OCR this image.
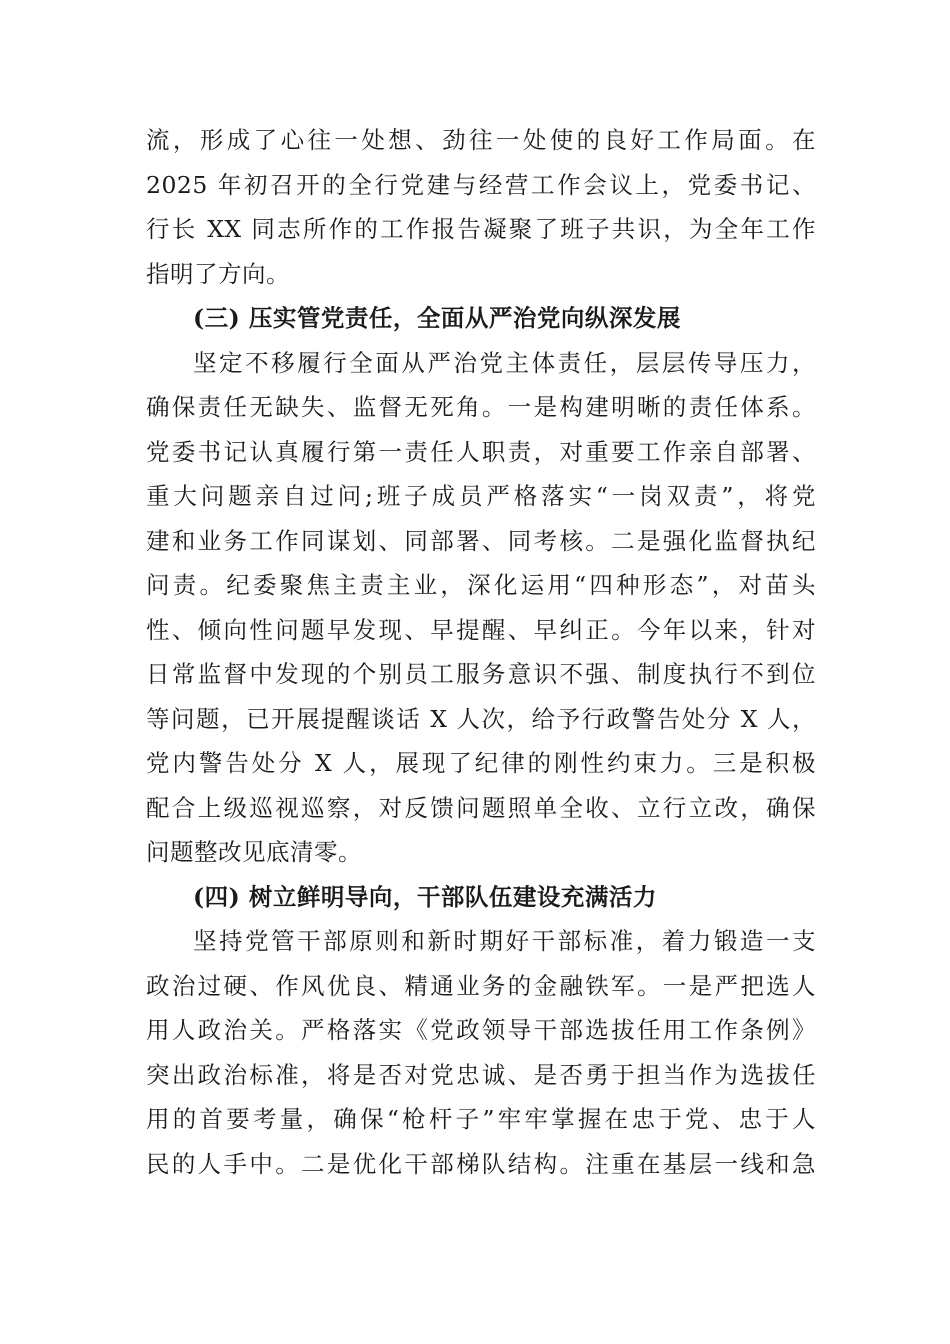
流，形成了心往一处想、劲往一处使的良好工作局面。在
2025 年初召开的全行党建与经营工作会议上，党委书记、
行长 XX 同志所作的工作报告凝聚了班子共识，为全年工作
指明了方向。
(三) 压实管党责任，全面从严治党向纵深发展
坚定不移履行全面从严治党主体责任，层层传导压力，
确保责任无缺失、监督无死角。一是构建明晰的责任体系。
党委书记认真履行第一责任人职责，对重要工作亲自部署、
重大问题亲自过问;班子成员严格落实“一岗双责”，将党
建和业务工作同谋划、同部署、同考核。二是强化监督执纪
问责。纪委聚焦主责主业，深化运用“四种形态”，对苗头
性、倾向性问题早发现、早提醒、早纠正。今年以来，针对
日常监督中发现的个别员工服务意识不强、制度执行不到位
等问题，已开展提醒谈话 X 人次，给予行政警告处分 X 人，
党内警告处分 X 人，展现了纪律的刚性约束力。三是积极
配合上级巡视巡察，对反馈问题照单全收、立行立改，确保
问题整改见底清零。
(四) 树立鲜明导向，干部队伍建设充满活力
坚持党管干部原则和新时期好干部标准，着力锻造一支
政治过硬、作风优良、精通业务的金融铁军。一是严把选人
用人政治关。严格落实《党政领导干部选拔任用工作条例》
突出政治标准，将是否对党忠诚、是否勇于担当作为选拔任
用的首要考量，确保“枪杆子”牢牢掌握在忠于党、忠于人
民的人手中。二是优化干部梯队结构。注重在基层一线和急
